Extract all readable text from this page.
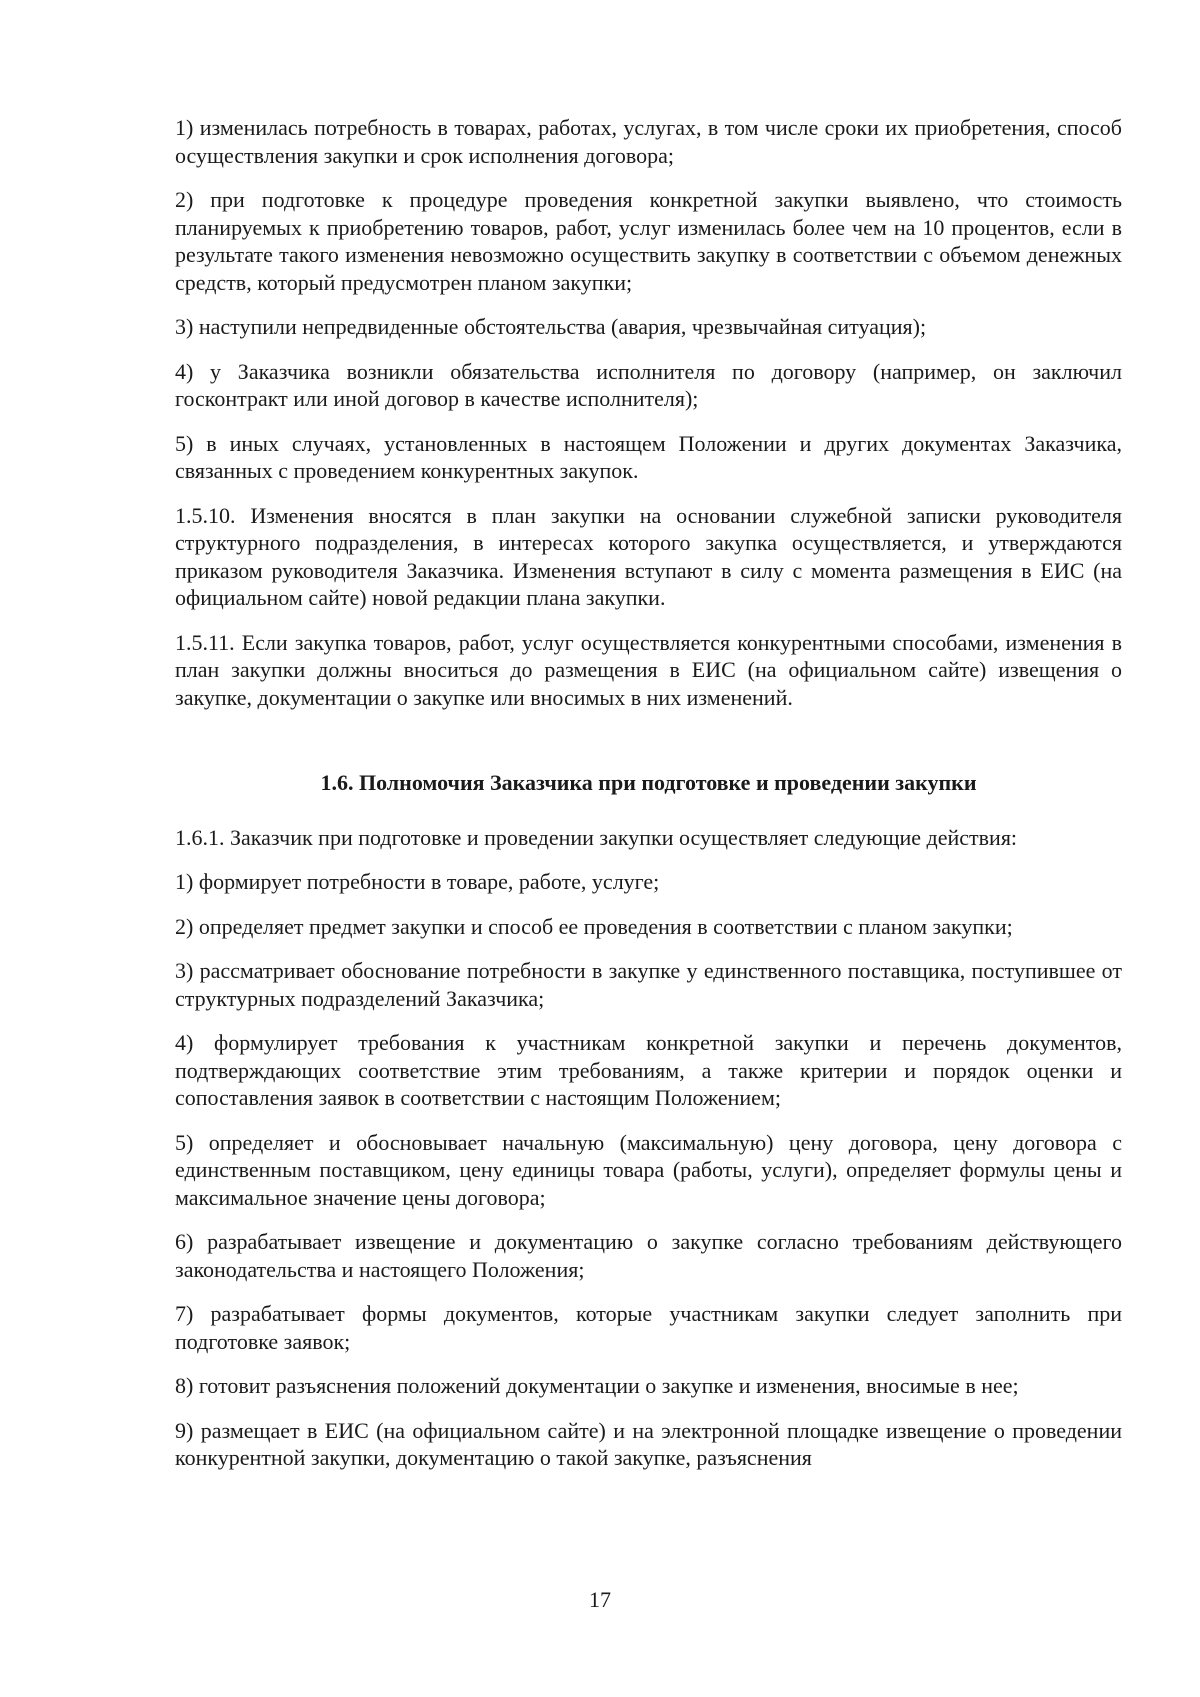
1) изменилась потребность в товарах, работах, услугах, в том числе сроки их приобретения, способ осуществления закупки и срок исполнения договора;

2) при подготовке к процедуре проведения конкретной закупки выявлено, что стоимость планируемых к приобретению товаров, работ, услуг изменилась более чем на 10 процентов, если в результате такого изменения невозможно осуществить закупку в соответствии с объемом денежных средств, который предусмотрен планом закупки;

3) наступили непредвиденные обстоятельства (авария, чрезвычайная ситуация);

4) у Заказчика возникли обязательства исполнителя по договору (например, он заключил госконтракт или иной договор в качестве исполнителя);

5) в иных случаях, установленных в настоящем Положении и других документах Заказчика, связанных с проведением конкурентных закупок.

1.5.10. Изменения вносятся в план закупки на основании служебной записки руководителя структурного подразделения, в интересах которого закупка осуществляется, и утверждаются приказом руководителя Заказчика. Изменения вступают в силу с момента размещения в ЕИС (на официальном сайте) новой редакции плана закупки.

1.5.11. Если закупка товаров, работ, услуг осуществляется конкурентными способами, изменения в план закупки должны вноситься до размещения в ЕИС (на официальном сайте) извещения о закупке, документации о закупке или вносимых в них изменений.

1.6. Полномочия Заказчика при подготовке и проведении закупки

1.6.1. Заказчик при подготовке и проведении закупки осуществляет следующие действия:

1) формирует потребности в товаре, работе, услуге;

2) определяет предмет закупки и способ ее проведения в соответствии с планом закупки;

3) рассматривает обоснование потребности в закупке у единственного поставщика, поступившее от структурных подразделений Заказчика;

4) формулирует требования к участникам конкретной закупки и перечень документов, подтверждающих соответствие этим требованиям, а также критерии и порядок оценки и сопоставления заявок в соответствии с настоящим Положением;

5) определяет и обосновывает начальную (максимальную) цену договора, цену договора с единственным поставщиком, цену единицы товара (работы, услуги), определяет формулы цены и максимальное значение цены договора;

6) разрабатывает извещение и документацию о закупке согласно требованиям действующего законодательства и настоящего Положения;

7) разрабатывает формы документов, которые участникам закупки следует заполнить при подготовке заявок;

8) готовит разъяснения положений документации о закупке и изменения, вносимые в нее;

9) размещает в ЕИС (на официальном сайте) и на электронной площадке извещение о проведении конкурентной закупки, документацию о такой закупке, разъяснения

17
